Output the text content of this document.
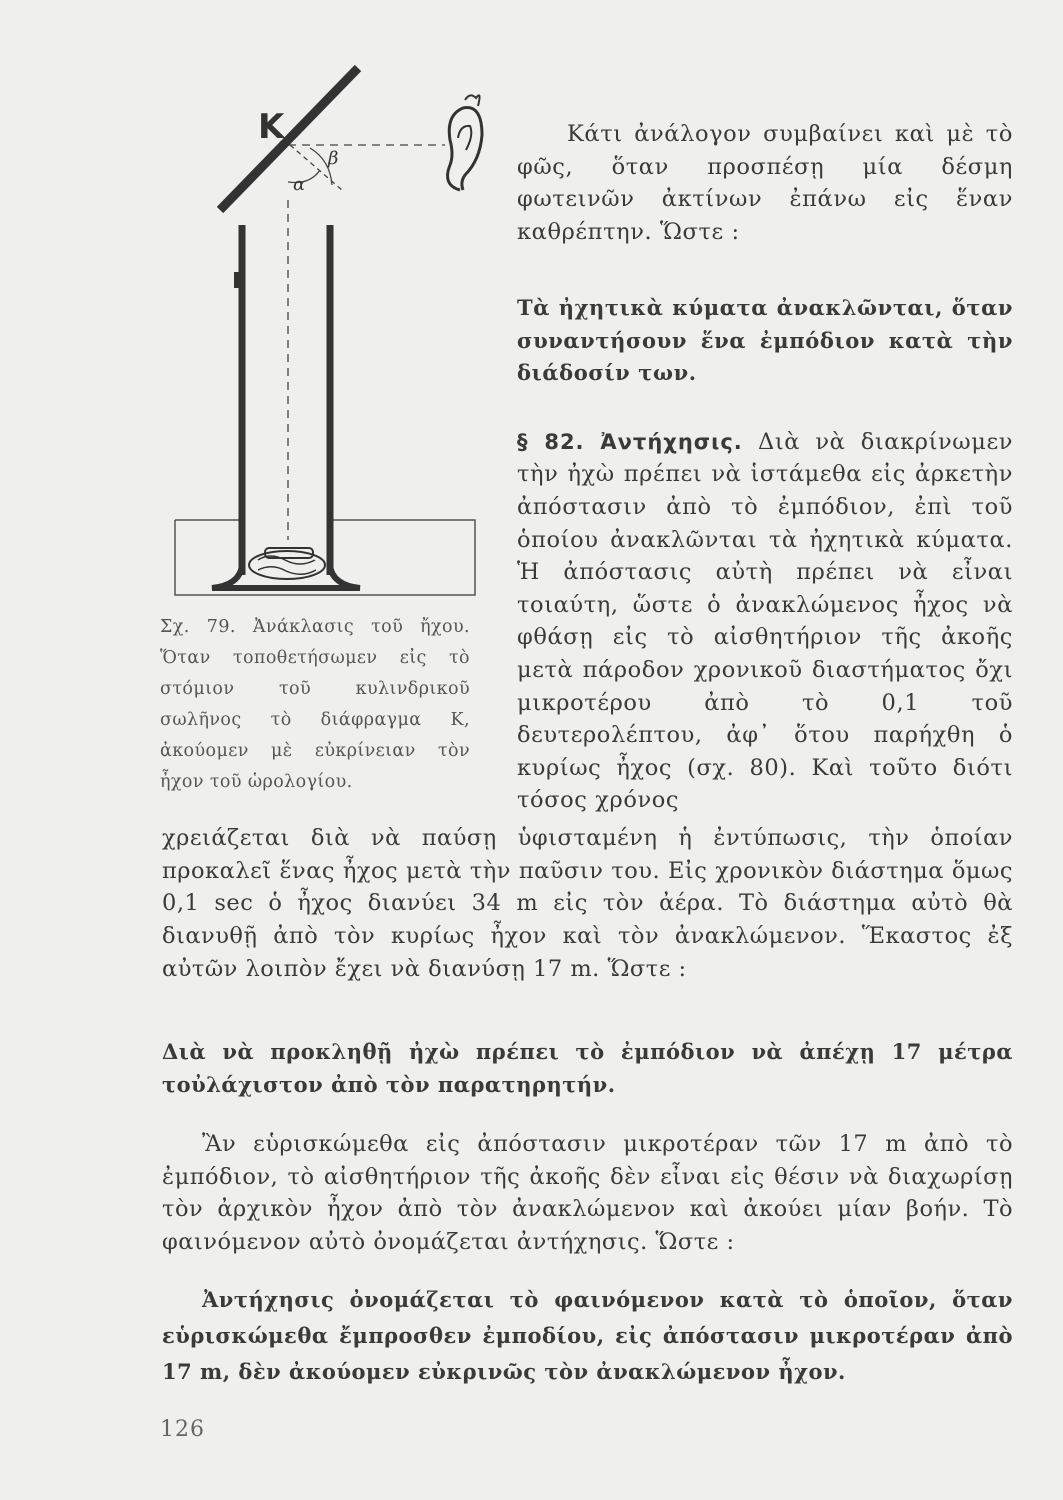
K
α
β
Σχ. 79. Ἀνάκλασις τοῦ ἤχου. Ὅταν τοποθετήσωμεν εἰς τὸ στόμιον τοῦ κυλινδρικοῦ σωλῆνος τὸ διάφραγμα Κ, ἀκούομεν μὲ εὐκρίνειαν τὸν ἦχον τοῦ ὡρολογίου.

Κάτι ἀνάλογον συμβαίνει καὶ μὲ τὸ φῶς, ὅταν προσπέσῃ μία δέσμη φωτεινῶν ἀκτίνων ἐπάνω εἰς ἕναν καθρέπτην. Ὥστε :

Τὰ ἠχητικὰ κύματα ἀνακλῶνται, ὅταν συναντήσουν ἕνα ἐμπόδιον κατὰ τὴν διάδοσίν των.

§ 82. Ἀντήχησις. Διὰ νὰ διακρίνωμεν τὴν ἠχὼ πρέπει νὰ ἱστάμεθα εἰς ἀρκετὴν ἀπόστασιν ἀπὸ τὸ ἐμπόδιον, ἐπὶ τοῦ ὁποίου ἀνακλῶνται τὰ ἠχητικὰ κύματα. Ἡ ἀπόστασις αὐτὴ πρέπει νὰ εἶναι τοιαύτη, ὥστε ὁ ἀνακλώμενος ἦχος νὰ φθάσῃ εἰς τὸ αἰσθητήριον τῆς ἀκοῆς μετὰ πάροδον χρονικοῦ διαστήματος ὄχι μικροτέρου ἀπὸ τὸ 0,1 τοῦ δευτερολέπτου, ἀφ᾽ ὅτου παρήχθη ὁ κυρίως ἦχος (σχ. 80). Καὶ τοῦτο διότι τόσος χρόνος

χρειάζεται διὰ νὰ παύσῃ ὑφισταμένη ἡ ἐντύπωσις, τὴν ὁποίαν προκαλεῖ ἕνας ἦχος μετὰ τὴν παῦσιν του. Εἰς χρονικὸν διάστημα ὅμως 0,1 sec ὁ ἦχος διανύει 34 m εἰς τὸν ἀέρα. Τὸ διάστημα αὐτὸ θὰ διανυθῇ ἀπὸ τὸν κυρίως ἦχον καὶ τὸν ἀνακλώμενον. Ἕκαστος ἐξ αὐτῶν λοιπὸν ἔχει νὰ διανύσῃ 17 m. Ὥστε :

Διὰ νὰ προκληθῇ ἠχὼ πρέπει τὸ ἐμπόδιον νὰ ἀπέχῃ 17 μέτρα τοὐλάχιστον ἀπὸ τὸν παρατηρητήν.

Ἂν εὑρισκώμεθα εἰς ἀπόστασιν μικροτέραν τῶν 17 m ἀπὸ τὸ ἐμπόδιον, τὸ αἰσθητήριον τῆς ἀκοῆς δὲν εἶναι εἰς θέσιν νὰ διαχωρίσῃ τὸν ἀρχικὸν ἦχον ἀπὸ τὸν ἀνακλώμενον καὶ ἀκούει μίαν βοήν. Τὸ φαινόμενον αὐτὸ ὀνομάζεται ἀντήχησις. Ὥστε :

Ἀντήχησις ὀνομάζεται τὸ φαινόμενον κατὰ τὸ ὁποῖον, ὅταν εὑρισκώμεθα ἔμπροσθεν ἐμποδίου, εἰς ἀπόστασιν μικροτέραν ἀπὸ 17 m, δὲν ἀκούομεν εὐκρινῶς τὸν ἀνακλώμενον ἦχον.

126
